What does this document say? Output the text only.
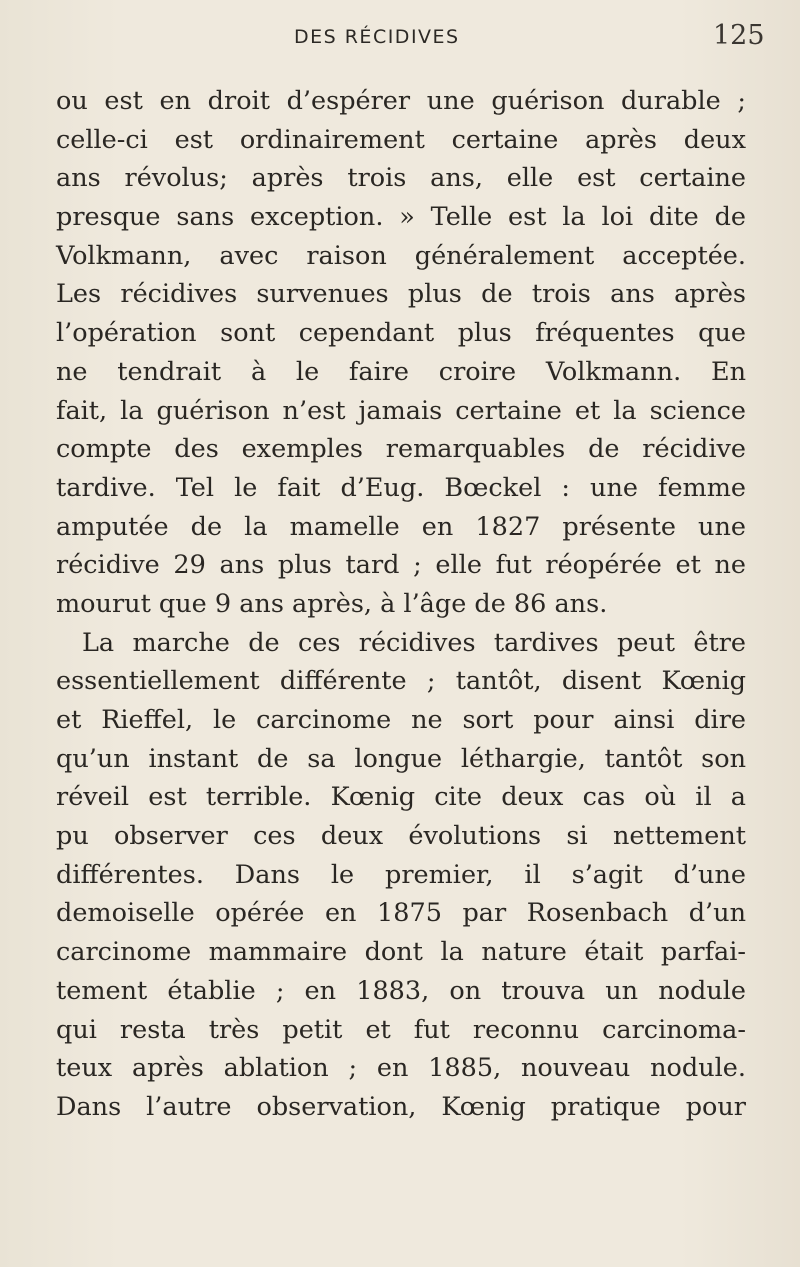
DES RÉCIDIVES	125
ou est en droit d’espérer une guérison durable ;
celle-ci est ordinairement certaine après deux
ans révolus; après trois ans, elle est certaine
presque sans exception. » Telle est la loi dite de
Volkmann, avec raison généralement acceptée.
Les récidives survenues plus de trois ans après
l’opération sont cependant plus fréquentes que
ne tendrait à le faire croire Volkmann. En
fait, la guérison n’est jamais certaine et la science
compte des exemples remarquables de récidive
tardive. Tel le fait d’Eug. Bœckel : une femme
amputée de la mamelle en 1827 présente une
récidive 29 ans plus tard ; elle fut réopérée et ne
mourut que 9 ans après, à l’âge de 86 ans.
La marche de ces récidives tardives peut être
essentiellement différente ; tantôt, disent Kœnig
et Rieffel, le carcinome ne sort pour ainsi dire
qu’un instant de sa longue léthargie, tantôt son
réveil est terrible. Kœnig cite deux cas où il a
pu observer ces deux évolutions si nettement
différentes. Dans le premier, il s’agit d’une
demoiselle opérée en 1875 par Rosenbach d’un
carcinome mammaire dont la nature était parfai-
tement établie ; en 1883, on trouva un nodule
qui resta très petit et fut reconnu carcinoma-
teux après ablation ; en 1885, nouveau nodule.
Dans l’autre observation, Kœnig pratique pour
